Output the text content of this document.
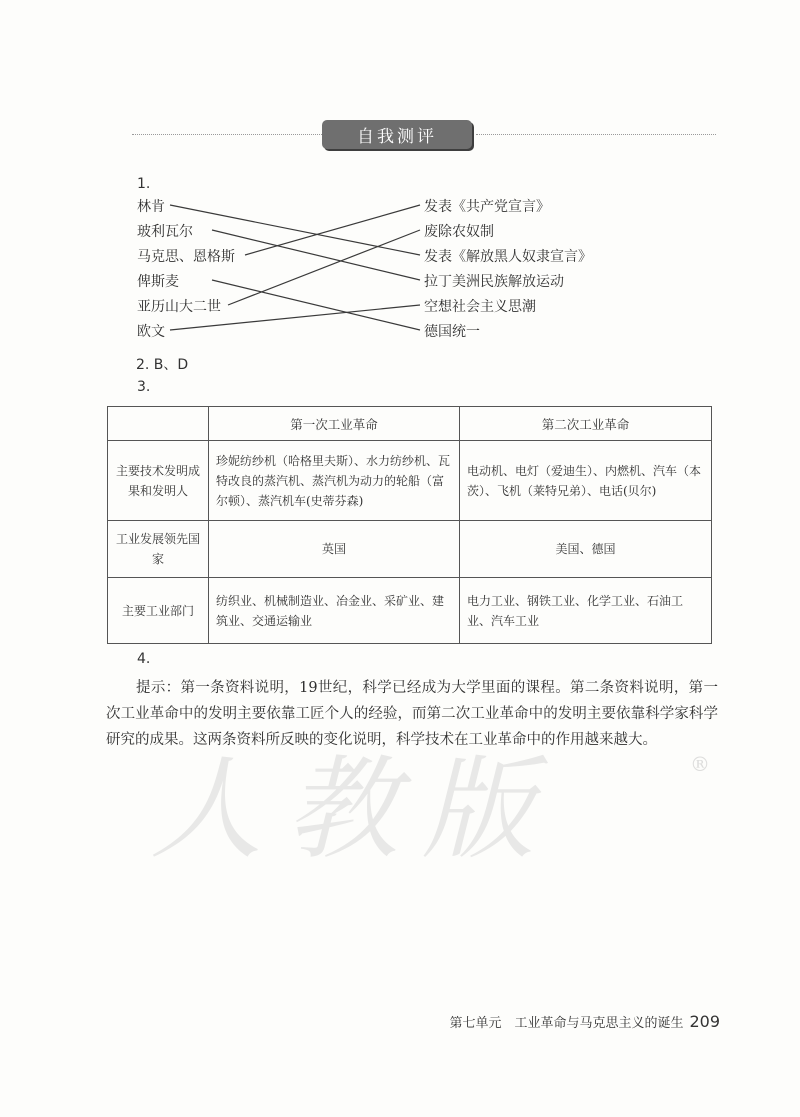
自我测评
1.
林肯
玻利瓦尔
马克思、恩格斯
俾斯麦
亚历山大二世
欧文
发表《共产党宣言》
废除农奴制
发表《解放黑人奴隶宣言》
拉丁美洲民族解放运动
空想社会主义思潮
德国统一
2. B、D
3.
	第一次工业革命	第二次工业革命
主要技术发明成果和发明人	珍妮纺纱机（哈格里夫斯）、水力纺纱机、瓦特改良的蒸汽机、蒸汽机为动力的轮船（富尔顿）、蒸汽机车(史蒂芬森)	电动机、电灯（爱迪生）、内燃机、汽车（本茨）、飞机（莱特兄弟）、电话(贝尔)
工业发展领先国家	英国	美国、德国
主要工业部门	纺织业、机械制造业、冶金业、采矿业、建筑业、交通运输业	电力工业、钢铁工业、化学工业、石油工业、汽车工业
4.
提示：第一条资料说明，19世纪，科学已经成为大学里面的课程。第二条资料说明，第一次工业革命中的发明主要依靠工匠个人的经验，而第二次工业革命中的发明主要依靠科学家科学研究的成果。这两条资料所反映的变化说明，科学技术在工业革命中的作用越来越大。
人教版	®
第七单元　工业革命与马克思主义的诞生 209
